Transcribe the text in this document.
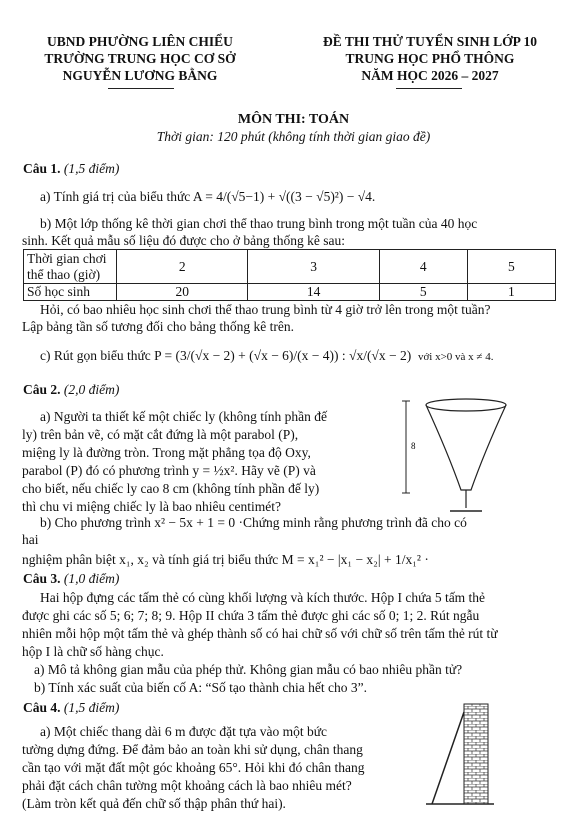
UBND PHƯỜNG LIÊN CHIỂU
TRƯỜNG TRUNG HỌC CƠ SỞ
NGUYỄN LƯƠNG BẰNG
ĐỀ THI THỬ TUYỂN SINH LỚP 10
TRUNG HỌC PHỔ THÔNG
NĂM HỌC 2026 – 2027
MÔN THI: TOÁN
Thời gian: 120 phút (không tính thời gian giao đề)
Câu 1. (1,5 điểm)
a) Tính giá trị của biểu thức A = 4/(√5−1) + √((3 − √5)²) − √4.
b) Một lớp thống kê thời gian chơi thể thao trung bình trong một tuần của 40 học
sinh. Kết quả mẫu số liệu đó được cho ở bảng thống kê sau:
Thời gian chơi thể thao (giờ)	2	3	4	5
Số học sinh	20	14	5	1
Hỏi, có bao nhiêu học sinh chơi thể thao trung bình từ 4 giờ trở lên trong một tuần?
Lập bảng tần số tương đối cho bảng thống kê trên.
c) Rút gọn biểu thức P = (3/(√x − 2) + (√x − 6)/(x − 4)) : √x/(√x − 2) với x>0 và x ≠ 4.
Câu 2. (2,0 điểm)
a) Người ta thiết kế một chiếc ly (không tính phần đế
ly) trên bản vẽ, có mặt cắt đứng là một parabol (P),
miệng ly là đường tròn. Trong mặt phẳng tọa độ Oxy,
parabol (P) đó có phương trình y = ½x². Hãy vẽ (P) và
cho biết, nếu chiếc ly cao 8 cm (không tính phần đế ly)
thì chu vi miệng chiếc ly là bao nhiêu centimét?
8
b) Cho phương trình x² − 5x + 1 = 0 ·Chứng minh rằng phương trình đã cho có
hai
nghiệm phân biệt x₁, x₂ và tính giá trị biểu thức M = x₁² − |x₁ − x₂| + 1/x₁² ·
Câu 3. (1,0 điểm)
Hai hộp đựng các tấm thẻ có cùng khối lượng và kích thước. Hộp I chứa 5 tấm thẻ
được ghi các số 5; 6; 7; 8; 9. Hộp II chứa 3 tấm thẻ được ghi các số 0; 1; 2. Rút ngẫu
nhiên mỗi hộp một tấm thẻ và ghép thành số có hai chữ số với chữ số trên tấm thẻ rút từ
hộp I là chữ số hàng chục.
a) Mô tả không gian mẫu của phép thử. Không gian mẫu có bao nhiêu phần tử?
b) Tính xác suất của biến cố A: “Số tạo thành chia hết cho 3”.
Câu 4. (1,5 điểm)
a) Một chiếc thang dài 6 m được đặt tựa vào một bức
tường dựng đứng. Để đảm bảo an toàn khi sử dụng, chân thang
cần tạo với mặt đất một góc khoảng 65°. Hỏi khi đó chân thang
phải đặt cách chân tường một khoảng cách là bao nhiêu mét?
(Làm tròn kết quả đến chữ số thập phân thứ hai).
